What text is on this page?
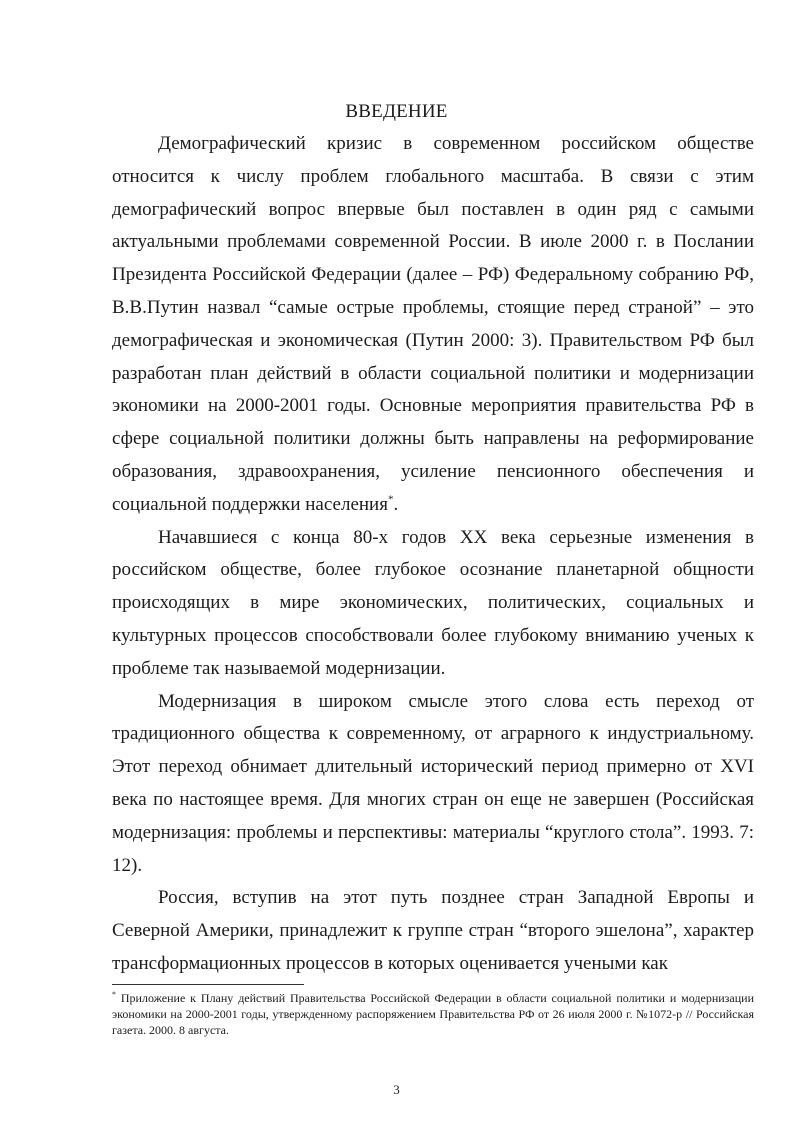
ВВЕДЕНИЕ

Демографический кризис в современном российском обществе относится к числу проблем глобального масштаба. В связи с этим демографический вопрос впервые был поставлен в один ряд с самыми актуальными проблемами современной России. В июле 2000 г. в Послании Президента Российской Федерации (далее – РФ) Федеральному собранию РФ, В.В.Путин назвал “самые острые проблемы, стоящие перед страной” – это демографическая и экономическая (Путин 2000: 3). Правительством РФ был разработан план действий в области социальной политики и модернизации экономики на 2000-2001 годы. Основные мероприятия правительства РФ в сфере социальной политики должны быть направлены на реформирование образования, здравоохранения, усиление пенсионного обеспечения и социальной поддержки населения*.

Начавшиеся с конца 80-х годов XX века серьезные изменения в российском обществе, более глубокое осознание планетарной общности происходящих в мире экономических, политических, социальных и культурных процессов способствовали более глубокому вниманию ученых к проблеме так называемой модернизации.

Модернизация в широком смысле этого слова есть переход от традиционного общества к современному, от аграрного к индустриальному. Этот переход обнимает длительный исторический период примерно от XVI века по настоящее время. Для многих стран он еще не завершен (Российская модернизация: проблемы и перспективы: материалы “круглого стола”. 1993. 7: 12).

Россия, вступив на этот путь позднее стран Западной Европы и Северной Америки, принадлежит к группе стран “второго эшелона”, характер трансформационных процессов в которых оценивается учеными как

* Приложение к Плану действий Правительства Российской Федерации в области социальной политики и модернизации экономики на 2000-2001 годы, утвержденному распоряжением Правительства РФ от 26 июля 2000 г. №1072-р // Российская газета. 2000. 8 августа.
3
